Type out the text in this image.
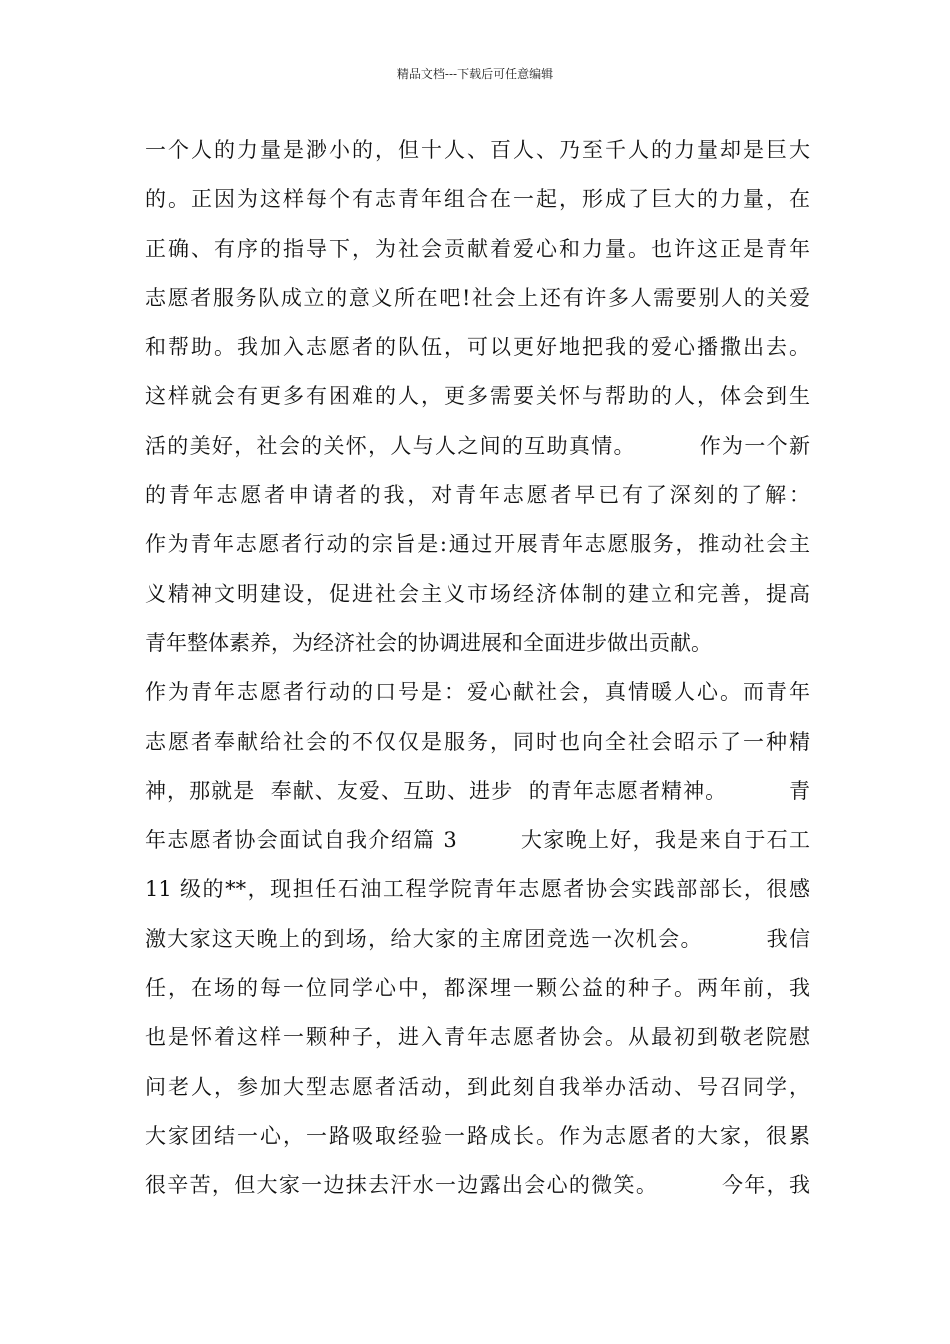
精品文档---下载后可任意编辑
一个人的力量是渺小的，但十人、百人、乃至千人的力量却是巨大
的。正因为这样每个有志青年组合在一起，形成了巨大的力量，在
正确、有序的指导下，为社会贡献着爱心和力量。也许这正是青年
志愿者服务队成立的意义所在吧!社会上还有许多人需要别人的关爱
和帮助。我加入志愿者的队伍，可以更好地把我的爱心播撒出去。
这样就会有更多有困难的人，更多需要关怀与帮助的人，体会到生
活的美好，社会的关怀，人与人之间的互助真情。        作为一个新
的青年志愿者申请者的我，对青年志愿者早已有了深刻的了解：
作为青年志愿者行动的宗旨是:通过开展青年志愿服务，推动社会主
义精神文明建设，促进社会主义市场经济体制的建立和完善，提高
青年整体素养，为经济社会的协调进展和全面进步做出贡献。
作为青年志愿者行动的口号是：爱心献社会，真情暖人心。而青年
志愿者奉献给社会的不仅仅是服务，同时也向全社会昭示了一种精
神，那就是  奉献、友爱、互助、进步  的青年志愿者精神。        青
年志愿者协会面试自我介绍篇 3        大家晚上好，我是来自于石工
11 级的**，现担任石油工程学院青年志愿者协会实践部部长，很感
激大家这天晚上的到场，给大家的主席团竞选一次机会。        我信
任，在场的每一位同学心中，都深埋一颗公益的种子。两年前，我
也是怀着这样一颗种子，进入青年志愿者协会。从最初到敬老院慰
问老人，参加大型志愿者活动，到此刻自我举办活动、号召同学，
大家团结一心，一路吸取经验一路成长。作为志愿者的大家，很累
很辛苦，但大家一边抹去汗水一边露出会心的微笑。        今年，我
